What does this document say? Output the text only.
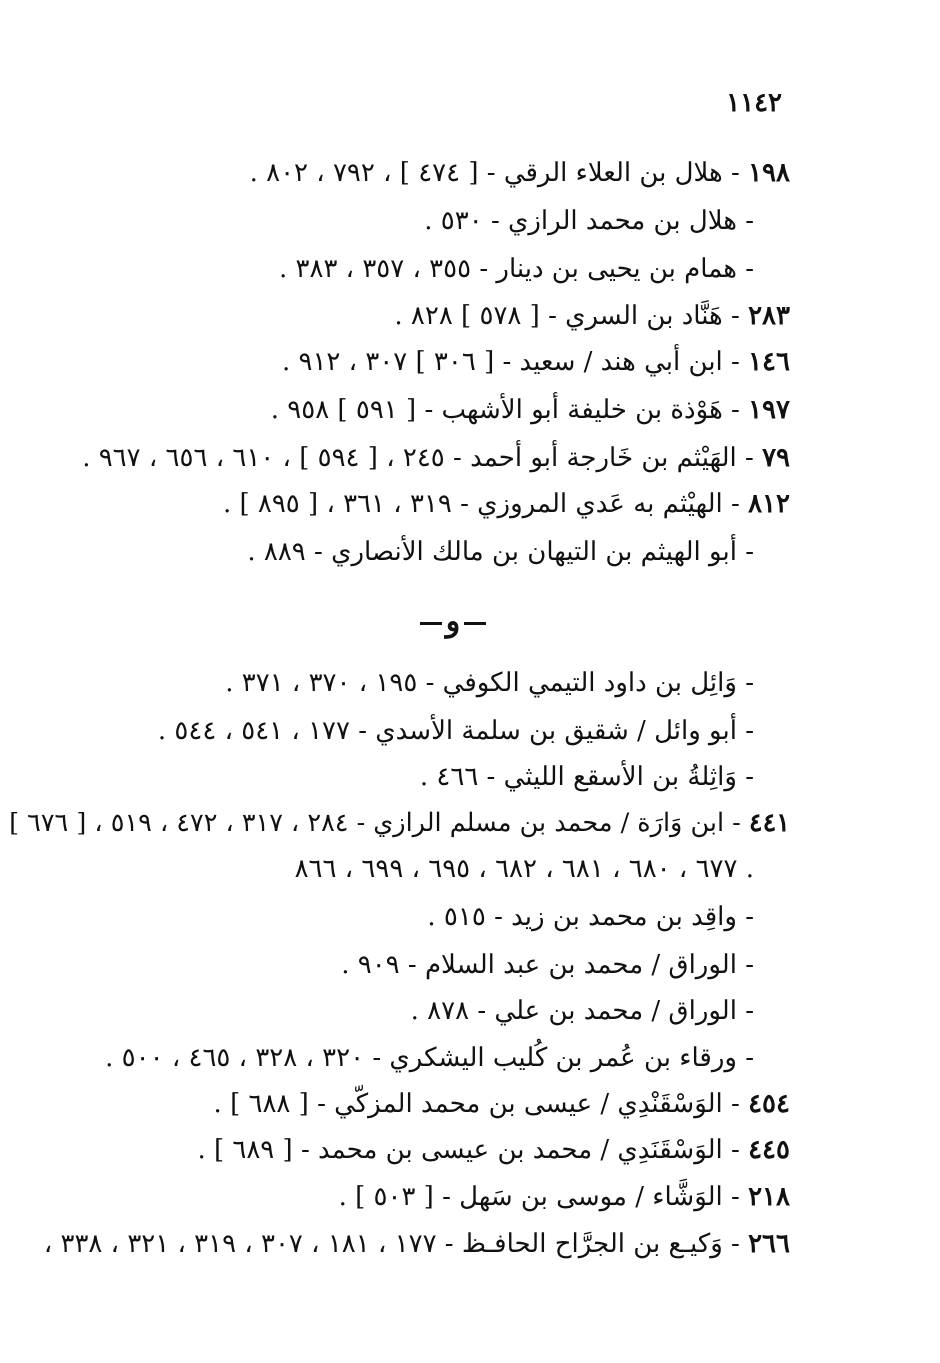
١١٤٢
١٩٨ - هلال بن العلاء الرقي - [ ٤٧٤ ] ، ٧٩٢ ، ٨٠٢ .
- هلال بن محمد الرازي - ٥٣٠ .
- همام بن يحيى بن دينار - ٣٥٥ ، ٣٥٧ ، ٣٨٣ .
٢٨٣ - هَنَّاد بن السري - [ ٥٧٨ ] ٨٢٨ .
١٤٦ - ابن أبي هند / سعيد - [ ٣٠٦ ] ٣٠٧ ، ٩١٢ .
١٩٧ - هَوْذة بن خليفة أبو الأشهب - [ ٥٩١ ] ٩٥٨ .
٧٩ - الهَيْثم بن خَارجة أبو أحمد - ٢٤٥ ، [ ٥٩٤ ] ، ٦١٠ ، ٦٥٦ ، ٩٦٧ .
٨١٢ - الهيْثم به عَدي المروزي - ٣١٩ ، ٣٦١ ، [ ٨٩٥ ] .
- أبو الهيثم بن التيهان بن مالك الأنصاري - ٨٨٩ .
و
- وَائِل بن داود التيمي الكوفي - ١٩٥ ، ٣٧٠ ، ٣٧١ .
- أبو وائل / شقيق بن سلمة الأسدي - ١٧٧ ، ٥٤١ ، ٥٤٤ .
- وَاثِلةُ بن الأسقع الليثي - ٤٦٦ .
٤٤١ - ابن وَارَة / محمد بن مسلم الرازي - ٢٨٤ ، ٣١٧ ، ٤٧٢ ، ٥١٩ ، [ ٦٧٦ ]
٦٧٧ ، ٦٨٠ ، ٦٨١ ، ٦٨٢ ، ٦٩٥ ، ٦٩٩ ، ٨٦٦ .
- واقِد بن محمد بن زيد - ٥١٥ .
- الوراق / محمد بن عبد السلام - ٩٠٩ .
- الوراق / محمد بن علي - ٨٧٨ .
- ورقاء بن عُمر بن كُليب اليشكري - ٣٢٠ ، ٣٢٨ ، ٤٦٥ ، ٥٠٠ .
٤٥٤ - الوَسْقَنْدِي / عيسى بن محمد المزكّي - [ ٦٨٨ ] .
٤٤٥ - الوَسْقَنَدِي / محمد بن عيسى بن محمد - [ ٦٨٩ ] .
٢١٨ - الوَشَّاء / موسى بن سَهل - [ ٥٠٣ ] .
٢٦٦ - وَكيـع بن الجرَّاح الحافـظ - ١٧٧ ، ١٨١ ، ٣٠٧ ، ٣١٩ ، ٣٢١ ، ٣٣٨ ،
